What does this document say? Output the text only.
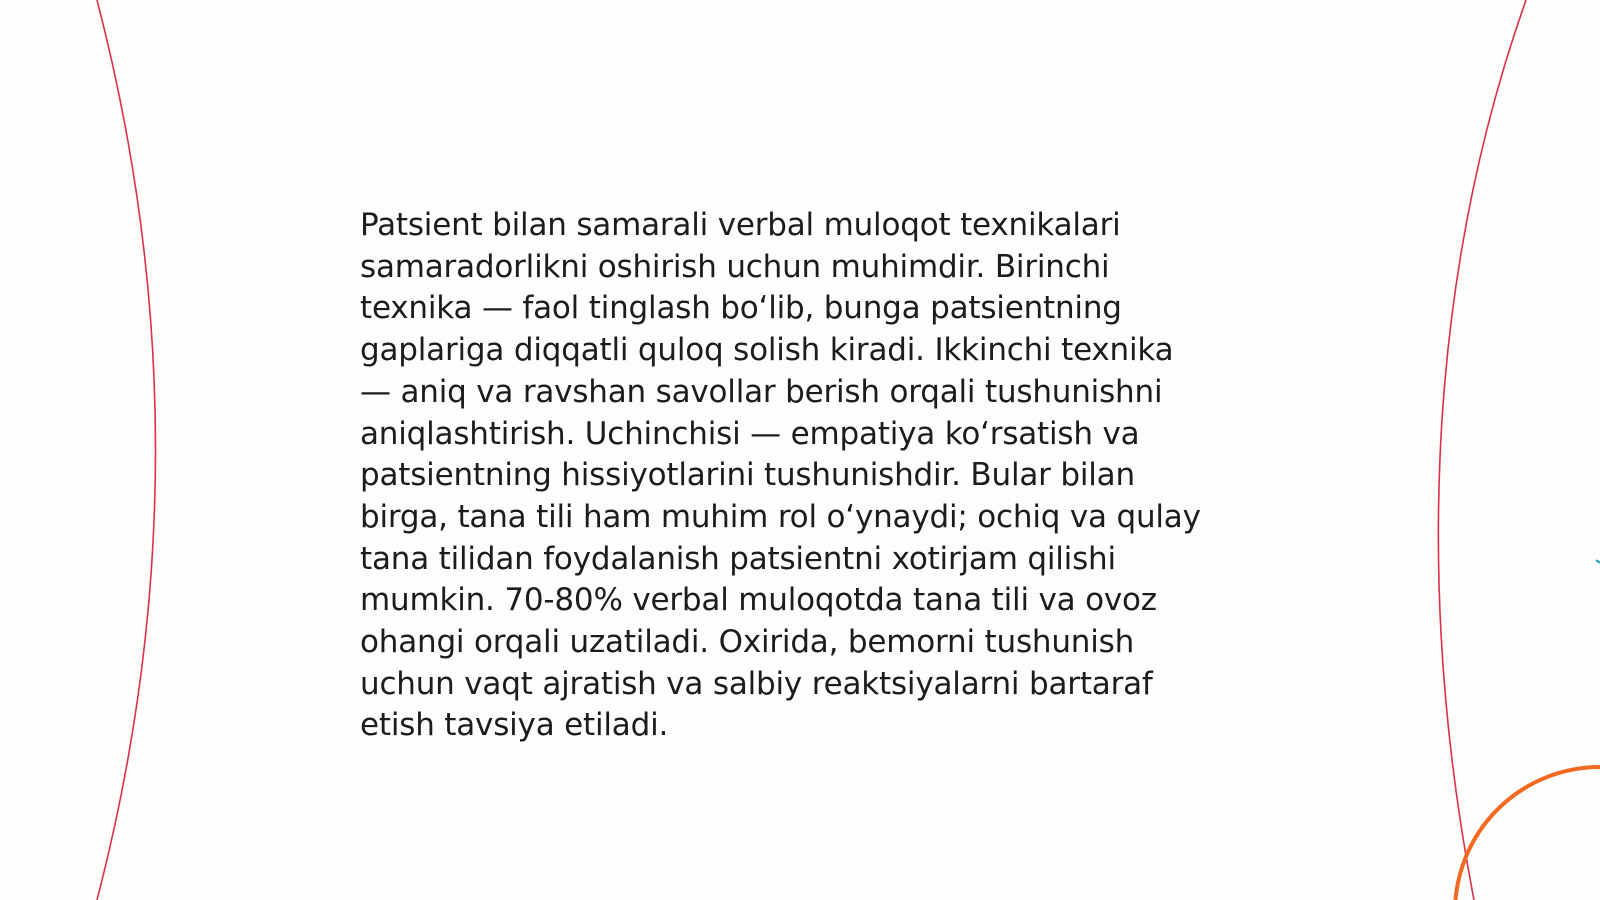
Patsient bilan samarali verbal muloqot texnikalari
samaradorlikni oshirish uchun muhimdir. Birinchi
texnika — faol tinglash bo‘lib, bunga patsientning
gaplariga diqqatli quloq solish kiradi. Ikkinchi texnika
— aniq va ravshan savollar berish orqali tushunishni
aniqlashtirish. Uchinchisi — empatiya ko‘rsatish va
patsientning hissiyotlarini tushunishdir. Bular bilan
birga, tana tili ham muhim rol o‘ynaydi; ochiq va qulay
tana tilidan foydalanish patsientni xotirjam qilishi
mumkin. 70-80% verbal muloqotda tana tili va ovoz
ohangi orqali uzatiladi. Oxirida, bemorni tushunish
uchun vaqt ajratish va salbiy reaktsiyalarni bartaraf
etish tavsiya etiladi.
